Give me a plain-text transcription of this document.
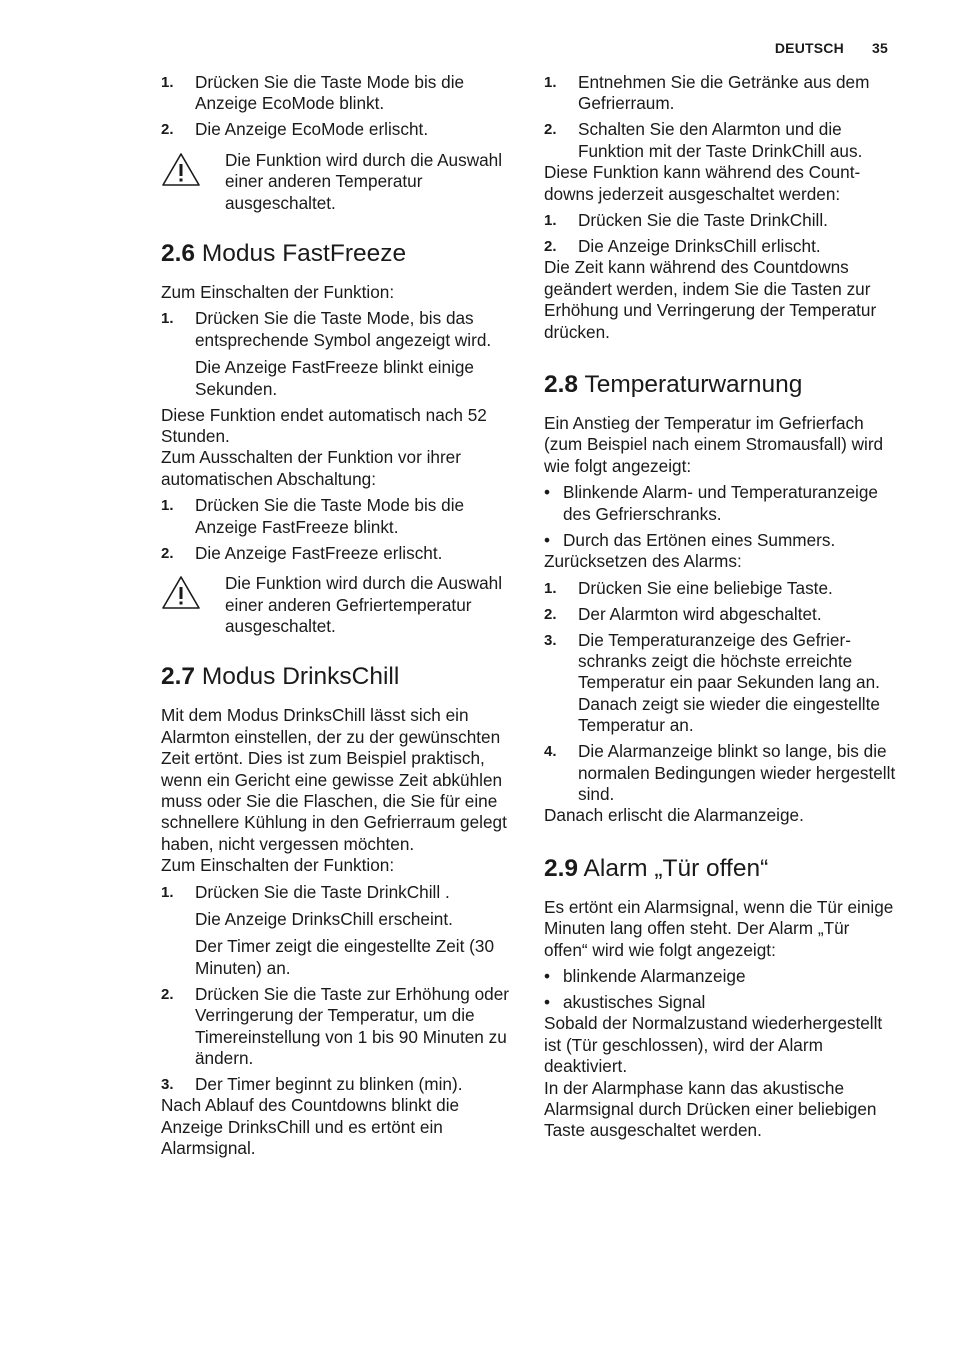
DEUTSCH 35
1. Drücken Sie die Taste Mode bis die Anzeige EcoMode blinkt.
2. Die Anzeige EcoMode erlischt.

Die Funktion wird durch die Auswahl einer anderen Temperatur ausgeschaltet.

2.6 Modus FastFreeze

Zum Einschalten der Funktion:

1. Drücken Sie die Taste Mode, bis das entsprechende Symbol angezeigt wird.

Die Anzeige FastFreeze blinkt einige Sekunden.

Diese Funktion endet automatisch nach 52 Stunden.

Zum Ausschalten der Funktion vor ihrer automatischen Abschaltung:

1. Drücken Sie die Taste Mode bis die Anzeige FastFreeze blinkt.
2. Die Anzeige FastFreeze erlischt.

Die Funktion wird durch die Auswahl einer anderen Gefriertemperatur ausgeschaltet.

2.7 Modus DrinksChill

Mit dem Modus DrinksChill lässt sich ein Alarmton einstellen, der zu der gewünschten Zeit ertönt. Dies ist zum Beispiel praktisch, wenn ein Gericht eine gewisse Zeit abkühlen muss oder Sie die Flaschen, die Sie für eine schnellere Kühlung in den Gefrierraum gelegt haben, nicht vergessen möchten.

Zum Einschalten der Funktion:

1. Drücken Sie die Taste DrinkChill .

Die Anzeige DrinksChill erscheint.

Der Timer zeigt die eingestellte Zeit (30 Minuten) an.

2. Drücken Sie die Taste zur Erhöhung oder Verringerung der Temperatur, um die Timereinstellung von 1 bis 90 Minuten zu ändern.
3. Der Timer beginnt zu blinken (min).

Nach Ablauf des Countdowns blinkt die Anzeige DrinksChill und es ertönt ein Alarmsignal.

1. Entnehmen Sie die Getränke aus dem Gefrierraum.
2. Schalten Sie den Alarmton und die Funktion mit der Taste DrinkChill aus.

Diese Funktion kann während des Countdowns jederzeit ausgeschaltet werden:

1. Drücken Sie die Taste DrinkChill.
2. Die Anzeige DrinksChill erlischt.

Die Zeit kann während des Countdowns geändert werden, indem Sie die Tasten zur Erhöhung und Verringerung der Temperatur drücken.

2.8 Temperaturwarnung

Ein Anstieg der Temperatur im Gefrierfach (zum Beispiel nach einem Stromausfall) wird wie folgt angezeigt:

• Blinkende Alarm- und Temperaturanzeige des Gefrierschranks.
• Durch das Ertönen eines Summers.

Zurücksetzen des Alarms:

1. Drücken Sie eine beliebige Taste.
2. Der Alarmton wird abgeschaltet.
3. Die Temperaturanzeige des Gefrierschranks zeigt die höchste erreichte Temperatur ein paar Sekunden lang an. Danach zeigt sie wieder die eingestellte Temperatur an.
4. Die Alarmanzeige blinkt so lange, bis die normalen Bedingungen wieder hergestellt sind.

Danach erlischt die Alarmanzeige.

2.9 Alarm „Tür offen“

Es ertönt ein Alarmsignal, wenn die Tür einige Minuten lang offen steht. Der Alarm „Tür offen“ wird wie folgt angezeigt:

• blinkende Alarmanzeige
• akustisches Signal

Sobald der Normalzustand wiederhergestellt ist (Tür geschlossen), wird der Alarm deaktiviert.

In der Alarmphase kann das akustische Alarmsignal durch Drücken einer beliebigen Taste ausgeschaltet werden.
